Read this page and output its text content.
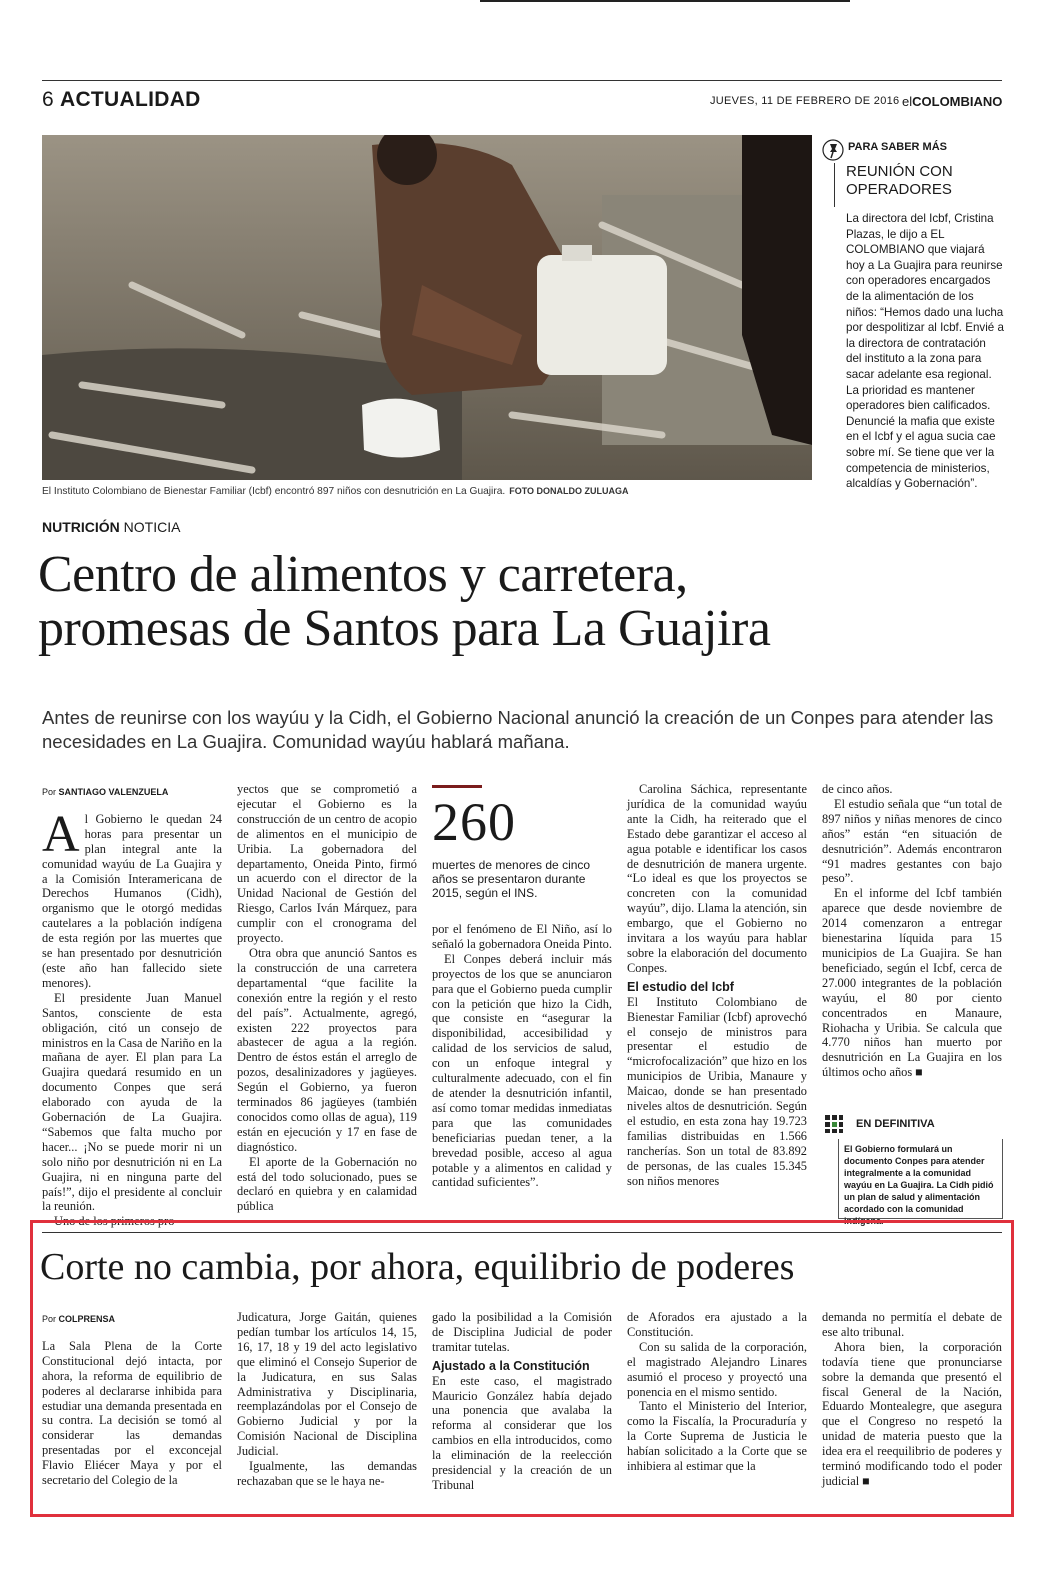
6 ACTUALIDAD	JUEVES, 11 DE FEBRERO DE 2016 elCOLOMBIANO
El Instituto Colombiano de Bienestar Familiar (Icbf) encontró 897 niños con desnutrición en La Guajira. FOTO DONALDO ZULUAGA
PARA SABER MÁS
REUNIÓN CON
OPERADORES
La directora del Icbf, Cristina Plazas, le dijo a EL COLOMBIANO que viajará hoy a La Guajira para reunirse con operadores encargados de la alimentación de los niños: “Hemos dado una lucha por despolitizar al Icbf. Envié a la directora de contratación del instituto a la zona para sacar adelante esa regional. La prioridad es mantener operadores bien calificados. Denuncié la mafia que existe en el Icbf y el agua sucia cae sobre mí. Se tiene que ver la competencia de ministerios, alcaldías y Gobernación”.
NUTRICIÓN NOTICIA
Centro de alimentos y carretera,
promesas de Santos para La Guajira
Antes de reunirse con los wayúu y la Cidh, el Gobierno Nacional anunció la creación de un Conpes para atender las necesidades en La Guajira. Comunidad wayúu hablará mañana.
Por SANTIAGO VALENZUELA
Al Gobierno le quedan 24 horas para presentar un plan integral ante la comunidad wayúu de La Guajira y a la Comisión Interamericana de Derechos Humanos (Cidh), organismo que le otorgó medidas cautelares a la población indígena de esta región por las muertes que se han presentado por desnutrición (este año han fallecido siete menores).
El presidente Juan Manuel Santos, consciente de esta obligación, citó un consejo de ministros en la Casa de Nariño en la mañana de ayer. El plan para La Guajira quedará resumido en un documento Conpes que será elaborado con ayuda de la Gobernación de La Guajira. “Sabemos que falta mucho por hacer... ¡No se puede morir ni un solo niño por desnutrición ni en La Guajira, ni en ninguna parte del país!”, dijo el presidente al concluir la reunión.
Uno de los primeros pro-
yectos que se comprometió a ejecutar el Gobierno es la construcción de un centro de acopio de alimentos en el municipio de Uribia. La gobernadora del departamento, Oneida Pinto, firmó un acuerdo con el director de la Unidad Nacional de Gestión del Riesgo, Carlos Iván Márquez, para cumplir con el cronograma del proyecto.
Otra obra que anunció Santos es la construcción de una carretera departamental “que facilite la conexión entre la región y el resto del país”. Actualmente, agregó, existen 222 proyectos para abastecer de agua a la región. Dentro de éstos están el arreglo de pozos, desalinizadores y jagüeyes. Según el Gobierno, ya fueron terminados 86 jagüeyes (también conocidos como ollas de agua), 119 están en ejecución y 17 en fase de diagnóstico.
El aporte de la Gobernación no está del todo solucionado, pues se declaró en quiebra y en calamidad pública
260
muertes de menores de cinco años se presentaron durante 2015, según el INS.
por el fenómeno de El Niño, así lo señaló la gobernadora Oneida Pinto.
El Conpes deberá incluir más proyectos de los que se anunciaron para que el Gobierno pueda cumplir con la petición que hizo la Cidh, que consiste en “asegurar la disponibilidad, accesibilidad y calidad de los servicios de salud, con un enfoque integral y culturalmente adecuado, con el fin de atender la desnutrición infantil, así como tomar medidas inmediatas para que las comunidades beneficiarias puedan tener, a la brevedad posible, acceso al agua potable y a alimentos en calidad y cantidad suficientes”.
Carolina Sáchica, representante jurídica de la comunidad wayúu ante la Cidh, ha reiterado que el Estado debe garantizar el acceso al agua potable e identificar los casos de desnutrición de manera urgente. “Lo ideal es que los proyectos se concreten con la comunidad wayúu”, dijo. Llama la atención, sin embargo, que el Gobierno no invitara a los wayúu para hablar sobre la elaboración del documento Conpes.
El estudio del Icbf
El Instituto Colombiano de Bienestar Familiar (Icbf) aprovechó el consejo de ministros para presentar el estudio de “microfocalización” que hizo en los municipios de Uribia, Manaure y Maicao, donde se han presentado niveles altos de desnutrición. Según el estudio, en esta zona hay 19.723 familias distribuidas en 1.566 rancherías. Son un total de 83.892 de personas, de las cuales 15.345 son niños menores
de cinco años.
El estudio señala que “un total de 897 niños y niñas menores de cinco años” están “en situación de desnutrición”. Además encontraron “91 madres gestantes con bajo peso”.
En el informe del Icbf también aparece que desde noviembre de 2014 comenzaron a entregar bienestarina líquida para 15 municipios de La Guajira. Se han beneficiado, según el Icbf, cerca de 27.000 integrantes de la población wayúu, el 80 por ciento concentrados en Manaure, Riohacha y Uribia. Se calcula que 4.770 niños han muerto por desnutrición en La Guajira en los últimos ocho años ■
EN DEFINITIVA
El Gobierno formulará un documento Conpes para atender integralmente a la comunidad wayúu en La Guajira. La Cidh pidió un plan de salud y alimentación acordado con la comunidad indígena.
Corte no cambia, por ahora, equilibrio de poderes
Por COLPRENSA
La Sala Plena de la Corte Constitucional dejó intacta, por ahora, la reforma de equilibrio de poderes al declararse inhibida para estudiar una demanda presentada en su contra. La decisión se tomó al considerar las demandas presentadas por el exconcejal Flavio Eliécer Maya y por el secretario del Colegio de la
Judicatura, Jorge Gaitán, quienes pedían tumbar los artículos 14, 15, 16, 17, 18 y 19 del acto legislativo que eliminó el Consejo Superior de la Judicatura, en sus Salas Administrativa y Disciplinaria, reemplazándolas por el Consejo de Gobierno Judicial y por la Comisión Nacional de Disciplina Judicial.
Igualmente, las demandas rechazaban que se le haya ne-
gado la posibilidad a la Comisión de Disciplina Judicial de poder tramitar tutelas.
Ajustado a la Constitución
En este caso, el magistrado Mauricio González había dejado una ponencia que avalaba la reforma al considerar que los cambios en ella introducidos, como la eliminación de la reelección presidencial y la creación de un Tribunal
de Aforados era ajustado a la Constitución.
Con su salida de la corporación, el magistrado Alejandro Linares asumió el proceso y proyectó una ponencia en el mismo sentido.
Tanto el Ministerio del Interior, como la Fiscalía, la Procuraduría y la Corte Suprema de Justicia le habían solicitado a la Corte que se inhibiera al estimar que la
demanda no permitía el debate de ese alto tribunal.
Ahora bien, la corporación todavía tiene que pronunciarse sobre la demanda que presentó el fiscal General de la Nación, Eduardo Montealegre, que asegura que el Congreso no respetó la unidad de materia puesto que la idea era el reequilibrio de poderes y terminó modificando todo el poder judicial ■
